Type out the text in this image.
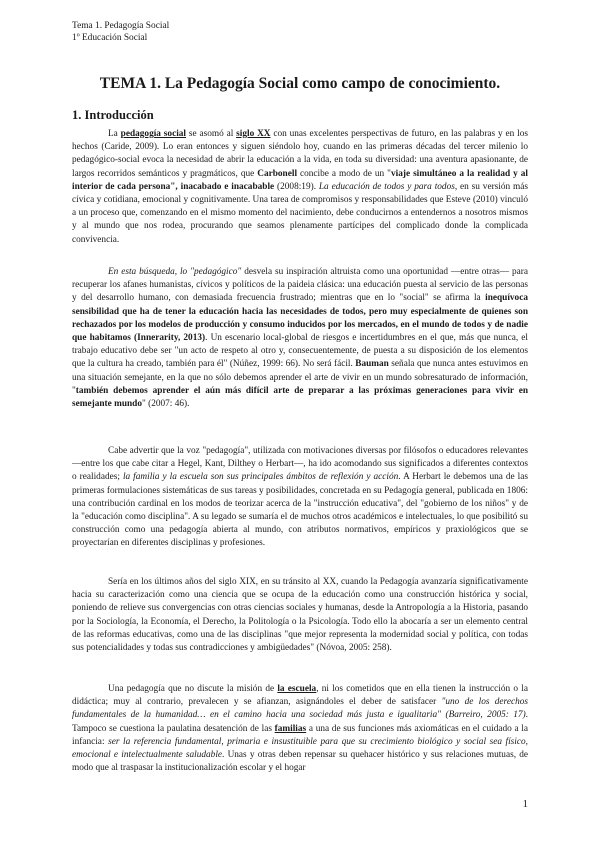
Tema 1. Pedagogía Social
1º Educación Social
TEMA 1. La Pedagogía Social como campo de conocimiento.
1. Introducción
La pedagogía social se asomó al siglo XX con unas excelentes perspectivas de futuro, en las palabras y en los hechos (Caride, 2009). Lo eran entonces y siguen siéndolo hoy, cuando en las primeras décadas del tercer milenio lo pedagógico-social evoca la necesidad de abrir la educación a la vida, en toda su diversidad: una aventura apasionante, de largos recorridos semánticos y pragmáticos, que Carbonell concibe a modo de un "viaje simultáneo a la realidad y al interior de cada persona", inacabado e inacabable (2008:19). La educación de todos y para todos, en su versión más cívica y cotidiana, emocional y cognitivamente. Una tarea de compromisos y responsabilidades que Esteve (2010) vinculó a un proceso que, comenzando en el mismo momento del nacimiento, debe conducirnos a entendernos a nosotros mismos y al mundo que nos rodea, procurando que seamos plenamente partícipes del complicado donde la complicada convivencia.
En esta búsqueda, lo "pedagógico" desvela su inspiración altruista como una oportunidad —entre otras— para recuperar los afanes humanistas, cívicos y políticos de la paideia clásica: una educación puesta al servicio de las personas y del desarrollo humano, con demasiada frecuencia frustrado; mientras que en lo "social" se afirma la inequívoca sensibilidad que ha de tener la educación hacia las necesidades de todos, pero muy especialmente de quienes son rechazados por los modelos de producción y consumo inducidos por los mercados, en el mundo de todos y de nadie que habitamos (Innerarity, 2013). Un escenario local-global de riesgos e incertidumbres en el que, más que nunca, el trabajo educativo debe ser "un acto de respeto al otro y, consecuentemente, de puesta a su disposición de los elementos que la cultura ha creado, también para él" (Núñez, 1999: 66). No será fácil. Bauman señala que nunca antes estuvimos en una situación semejante, en la que no sólo debemos aprender el arte de vivir en un mundo sobresaturado de información, "también debemos aprender el aún más difícil arte de preparar a las próximas generaciones para vivir en semejante mundo" (2007: 46).
Cabe advertir que la voz "pedagogía", utilizada con motivaciones diversas por filósofos o educadores relevantes —entre los que cabe citar a Hegel, Kant, Dilthey o Herbart—, ha ido acomodando sus significados a diferentes contextos o realidades; la familia y la escuela son sus principales ámbitos de reflexión y acción. A Herbart le debemos una de las primeras formulaciones sistemáticas de sus tareas y posibilidades, concretada en su Pedagogía general, publicada en 1806: una contribución cardinal en los modos de teorizar acerca de la "instrucción educativa", del "gobierno de los niños" y de la "educación como disciplina". A su legado se sumaría el de muchos otros académicos e intelectuales, lo que posibilitó su construcción como una pedagogía abierta al mundo, con atributos normativos, empíricos y praxiológicos que se proyectarían en diferentes disciplinas y profesiones.
Sería en los últimos años del siglo XIX, en su tránsito al XX, cuando la Pedagogía avanzaría significativamente hacia su caracterización como una ciencia que se ocupa de la educación como una construcción histórica y social, poniendo de relieve sus convergencias con otras ciencias sociales y humanas, desde la Antropología a la Historia, pasando por la Sociología, la Economía, el Derecho, la Politología o la Psicología. Todo ello la abocaría a ser un elemento central de las reformas educativas, como una de las disciplinas "que mejor representa la modernidad social y política, con todas sus potencialidades y todas sus contradicciones y ambigüedades" (Nóvoa, 2005: 258).
Una pedagogía que no discute la misión de la escuela, ni los cometidos que en ella tienen la instrucción o la didáctica; muy al contrario, prevalecen y se afianzan, asignándoles el deber de satisfacer "uno de los derechos fundamentales de la humanidad… en el camino hacia una sociedad más justa e igualitaria" (Barreiro, 2005: 17). Tampoco se cuestiona la paulatina desatención de las familias a una de sus funciones más axiomáticas en el cuidado a la infancia: ser la referencia fundamental, primaria e insustituible para que su crecimiento biológico y social sea físico, emocional e intelectualmente saludable. Unas y otras deben repensar su quehacer histórico y sus relaciones mutuas, de modo que al traspasar la institucionalización escolar y el hogar
1
